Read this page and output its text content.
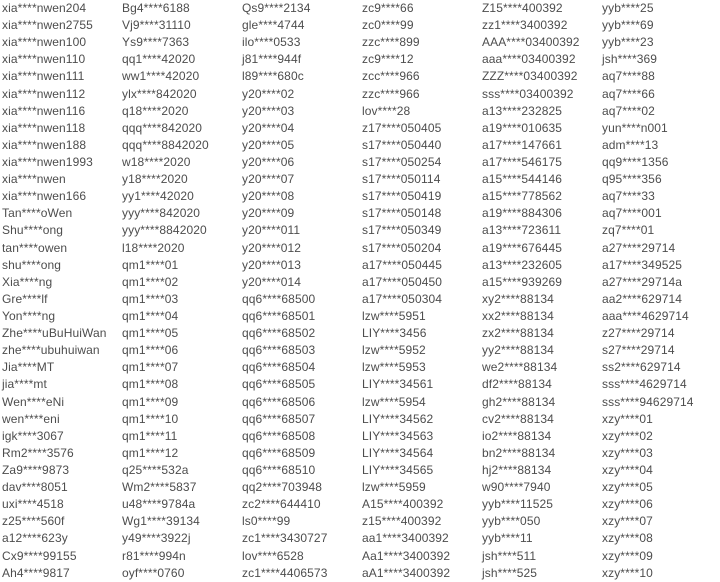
xia****nwen204
xia****nwen2755
xia****nwen100
xia****nwen110
xia****nwen111
xia****nwen112
xia****nwen116
xia****nwen118
xia****nwen188
xia****nwen1993
xia****nwen
xia****nwen166
Tan****oWen
Shu****ong
tan****owen
shu****ong
Xia****ng
Gre****lf
Yon****ng
Zhe****uBuHuiWan
zhe****ubuhuiwan
Jia****MT
jia****mt
Wen****eNi
wen****eni
igk****3067
Rm2****3576
Za9****9873
dav****8051
uxi****4518
z25****560f
a12****623y
Cx9****99155
Ah4****9817
Bg4****6188
Vj9****31110
Ys9****7363
qq1****42020
ww1****42020
ylx****842020
q18****2020
qqq****842020
qqq****8842020
w18****2020
y18****2020
yy1****42020
yyy****842020
yyy****8842020
l18****2020
qm1****01
qm1****02
qm1****03
qm1****04
qm1****05
qm1****06
qm1****07
qm1****08
qm1****09
qm1****10
qm1****11
qm1****12
q25****532a
Wm2****5837
u48****9784a
Wg1****39134
y49****3922j
r81****994n
oyf****0760
Qs9****2134
gle****4744
ilo****0533
j81****944f
l89****680c
y20****02
y20****03
y20****04
y20****05
y20****06
y20****07
y20****08
y20****09
y20****011
y20****012
y20****013
y20****014
qq6****68500
qq6****68501
qq6****68502
qq6****68503
qq6****68504
qq6****68505
qq6****68506
qq6****68507
qq6****68508
qq6****68509
qq6****68510
qq2****703948
zc2****644410
ls0****99
zc1****3430727
lov****6528
zc1****4406573
zc9****66
zc0****99
zzc****899
zc9****12
zcc****966
zzc****966
lov****28
z17****050405
s17****050440
s17****050254
s17****050114
s17****050419
s17****050148
s17****050349
s17****050204
a17****050445
a17****050450
a17****050304
lzw****5951
LIY****3456
lzw****5952
lzw****5953
LIY****34561
lzw****5954
LIY****34562
LIY****34563
LIY****34564
LIY****34565
lzw****5959
A15****400392
z15****400392
aa1****3400392
Aa1****3400392
aA1****3400392
Z15****400392
zz1****3400392
AAA****03400392
aaa****03400392
ZZZ****03400392
sss****03400392
a13****232825
a19****010635
a17****147661
a17****546175
a15****544146
a15****778562
a19****884306
a13****723611
a19****676445
a13****232605
a15****939269
xy2****88134
xx2****88134
zx2****88134
yy2****88134
we2****88134
df2****88134
gh2****88134
cv2****88134
io2****88134
bn2****88134
hj2****88134
w90****7940
yyb****11525
yyb****050
yyb****11
jsh****511
jsh****525
yyb****25
yyb****69
yyb****23
jsh****369
aq7****88
aq7****66
aq7****02
yun****n001
adm****13
qq9****1356
q95****356
aq7****33
aq7****001
zq7****01
a27****29714
a17****349525
a27****29714a
aa2****629714
aaa****4629714
z27****29714
s27****29714
ss2****629714
sss****4629714
sss****94629714
xzy****01
xzy****02
xzy****03
xzy****04
xzy****05
xzy****06
xzy****07
xzy****08
xzy****09
xzy****10
